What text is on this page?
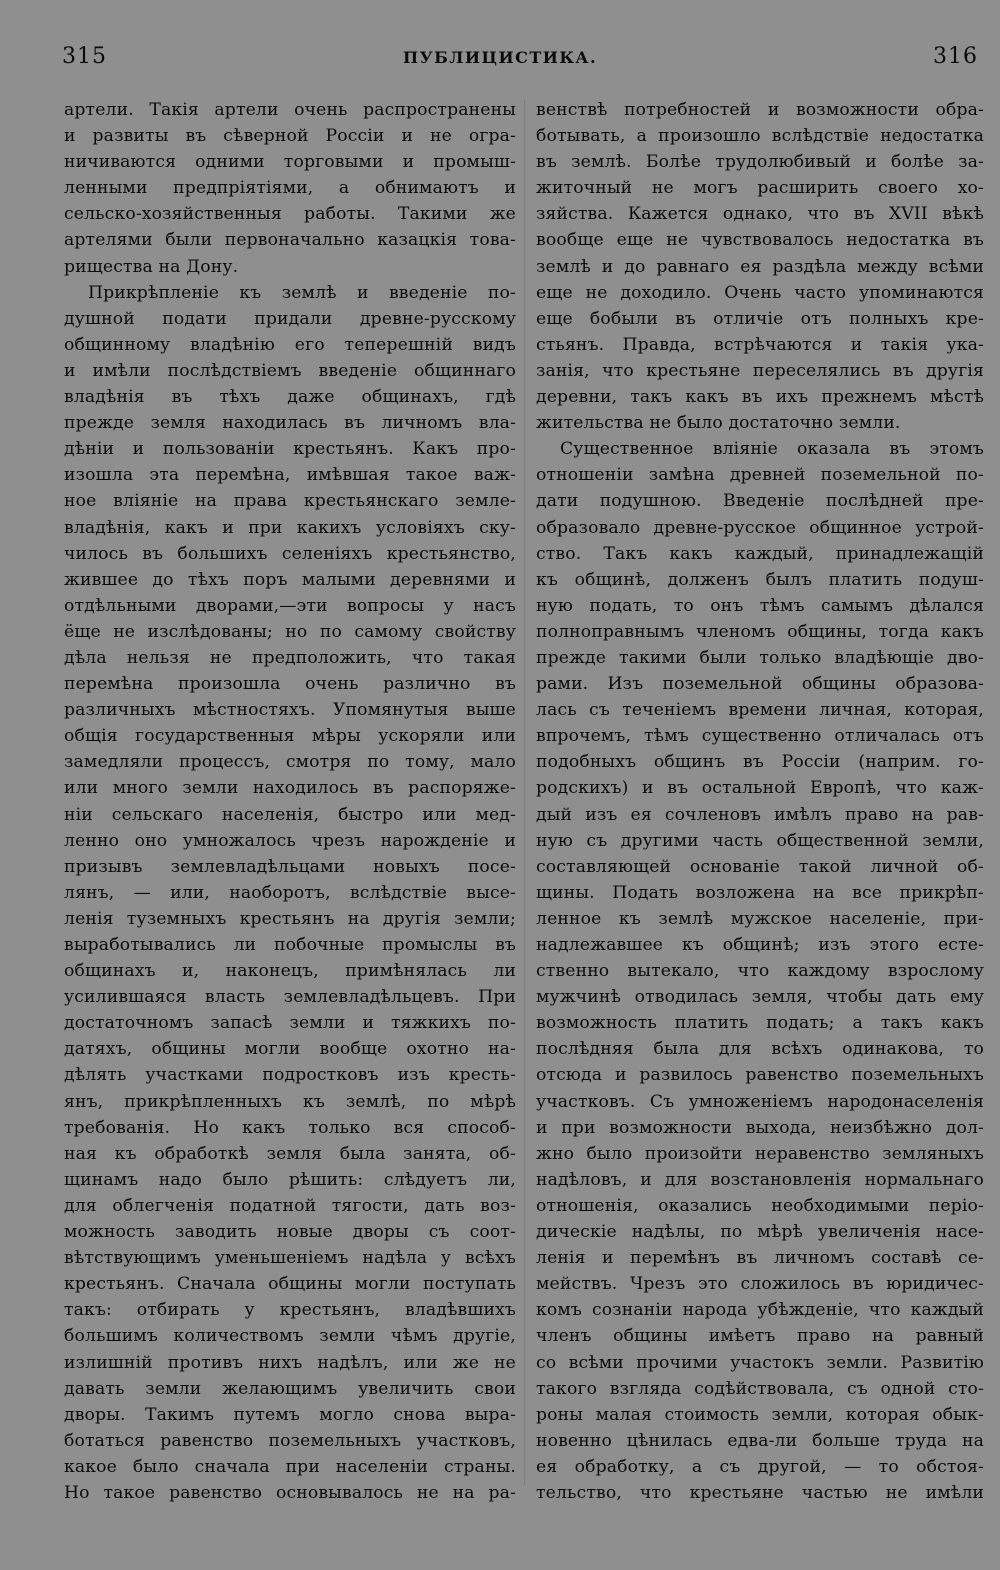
315	ПУБЛИЦИСТИКА.	316
артели. Такія артели очень распространены
и развиты въ сѣверной Россіи и не огра-
ничиваются одними торговыми и промыш-
ленными предпріятіями, а обнимаютъ и
сельско-хозяйственныя работы. Такими же
артелями были первоначально казацкія това-
рищества на Дону.
Прикрѣпленіе къ землѣ и введеніе по-
душной подати придали древне-русскому
общинному владѣнію его теперешній видъ
и имѣли послѣдствіемъ введеніе общиннаго
владѣнія въ тѣхъ даже общинахъ, гдѣ
прежде земля находилась въ личномъ вла-
дѣніи и пользованіи крестьянъ. Какъ про-
изошла эта перемѣна, имѣвшая такое важ-
ное вліяніе на права крестьянскаго земле-
владѣнія, какъ и при какихъ условіяхъ ску-
чилось въ большихъ селеніяхъ крестьянство,
жившее до тѣхъ поръ малыми деревнями и
отдѣльными дворами,—эти вопросы у насъ
ёще не изслѣдованы; но по самому свойству
дѣла нельзя не предположить, что такая
перемѣна произошла очень различно въ
различныхъ мѣстностяхъ. Упомянутыя выше
общія государственныя мѣры ускоряли или
замедляли процессъ, смотря по тому, мало
или много земли находилось въ распоряже-
ніи сельскаго населенія, быстро или мед-
ленно оно умножалось чрезъ нарожденіе и
призывъ землевладѣльцами новыхъ посе-
лянъ, — или, наоборотъ, вслѣдствіе высе-
ленія туземныхъ крестьянъ на другія земли;
выработывались ли побочные промыслы въ
общинахъ и, наконецъ, примѣнялась ли
усилившаяся власть землевладѣльцевъ. При
достаточномъ запасѣ земли и тяжкихъ по-
датяхъ, общины могли вообще охотно на-
дѣлять участками подростковъ изъ кресть-
янъ, прикрѣпленныхъ къ землѣ, по мѣрѣ
требованія. Но какъ только вся способ-
ная къ обработкѣ земля была занята, об-
щинамъ надо было рѣшить: слѣдуетъ ли,
для облегченія податной тягости, дать воз-
можность заводить новые дворы съ соот-
вѣтствующимъ уменьшеніемъ надѣла у всѣхъ
крестьянъ. Сначала общины могли поступать
такъ: отбирать у крестьянъ, владѣвшихъ
большимъ количествомъ земли чѣмъ другіе,
излишній противъ нихъ надѣлъ, или же не
давать земли желающимъ увеличить свои
дворы. Такимъ путемъ могло снова выра-
ботаться равенство поземельныхъ участковъ,
какое было сначала при населеніи страны.
Но такое равенство основывалось не на ра-
венствѣ потребностей и возможности обра-
ботывать, а произошло вслѣдствіе недостатка
въ землѣ. Болѣе трудолюбивый и болѣе за-
житочный не могъ расширить своего хо-
зяйства. Кажется однако, что въ XVII вѣкѣ
вообще еще не чувствовалось недостатка въ
землѣ и до равнаго ея раздѣла между всѣми
еще не доходило. Очень часто упоминаются
еще бобыли въ отличіе отъ полныхъ кре-
стьянъ. Правда, встрѣчаются и такія ука-
занія, что крестьяне переселялись въ другія
деревни, такъ какъ въ ихъ прежнемъ мѣстѣ
жительства не было достаточно земли.
Существенное вліяніе оказала въ этомъ
отношеніи замѣна древней поземельной по-
дати подушною. Введеніе послѣдней пре-
образовало древне-русское общинное устрой-
ство. Такъ какъ каждый, принадлежащій
къ общинѣ, долженъ былъ платить подуш-
ную подать, то онъ тѣмъ самымъ дѣлался
полноправнымъ членомъ общины, тогда какъ
прежде такими были только владѣющіе дво-
рами. Изъ поземельной общины образова-
лась съ теченіемъ времени личная, которая,
впрочемъ, тѣмъ существенно отличалась отъ
подобныхъ общинъ въ Россіи (наприм. го-
родскихъ) и въ остальной Европѣ, что каж-
дый изъ ея сочленовъ имѣлъ право на рав-
ную съ другими часть общественной земли,
составляющей основаніе такой личной об-
щины. Подать возложена на все прикрѣп-
ленное къ землѣ мужское населеніе, при-
надлежавшее къ общинѣ; изъ этого есте-
ственно вытекало, что каждому взрослому
мужчинѣ отводилась земля, чтобы дать ему
возможность платить подать; а такъ какъ
послѣдняя была для всѣхъ одинакова, то
отсюда и развилось равенство поземельныхъ
участковъ. Съ умноженіемъ народонаселенія
и при возможности выхода, неизбѣжно дол-
жно было произойти неравенство земляныхъ
надѣловъ, и для возстановленія нормальнаго
отношенія, оказались необходимыми періо-
дическіе надѣлы, по мѣрѣ увеличенія насе-
ленія и перемѣнъ въ личномъ составѣ се-
мействъ. Чрезъ это сложилось въ юридичес-
комъ сознаніи народа убѣжденіе, что каждый
членъ общины имѣетъ право на равный
со всѣми прочими участокъ земли. Развитію
такого взгляда содѣйствовала, съ одной сто-
роны малая стоимость земли, которая обык-
новенно цѣнилась едва-ли больше труда на
ея обработку, а съ другой, — то обстоя-
тельство, что крестьяне частью не имѣли
